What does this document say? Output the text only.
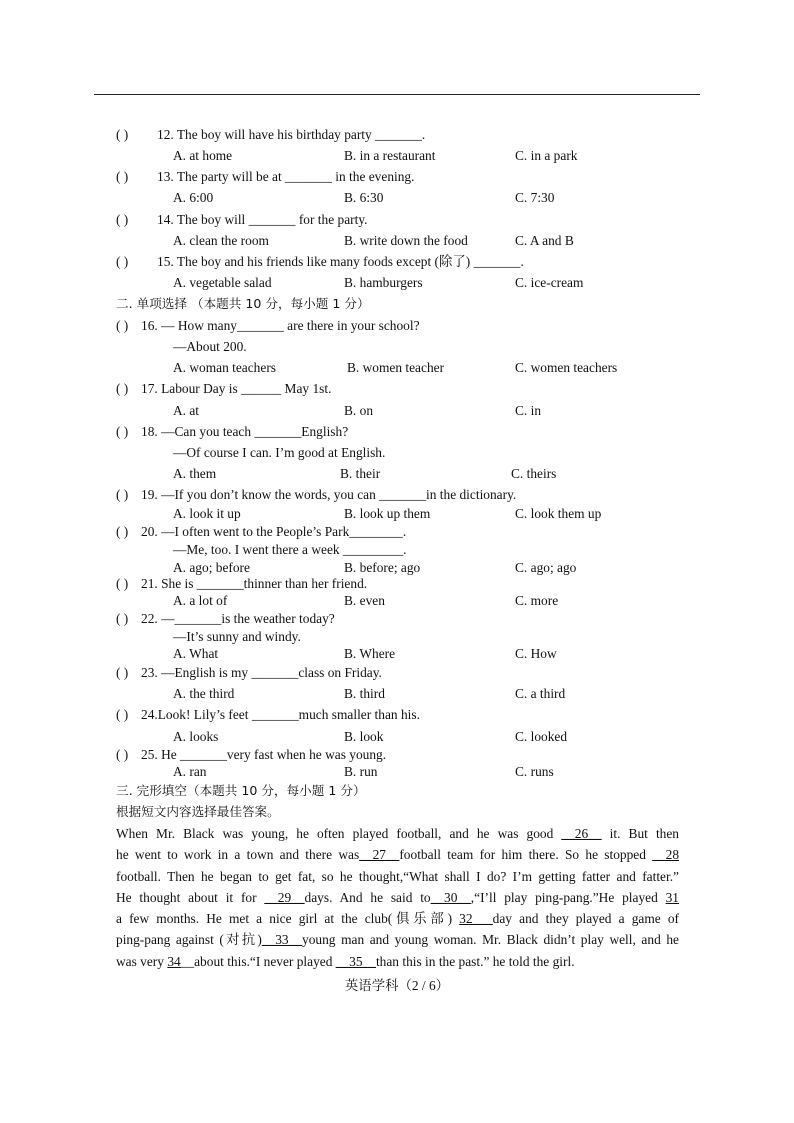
( ) 12. The boy will have his birthday party _______.
A. at home	B. in a restaurant	C. in a park
( ) 13. The party will be at _______ in the evening.
A. 6:00	B. 6:30	C. 7:30
( ) 14. The boy will _______ for the party.
A. clean the room	B. write down the food	C. A and B
( ) 15. The boy and his friends like many foods except (除了) _______.
A. vegetable salad	B. hamburgers	C. ice-cream
( ) 16. — How many_______ are there in your school?
—About 200.
A. woman teachers	B. women teacher	C. women teachers
( ) 17. Labour Day is ______ May 1st.
A. at	B. on	C. in
( ) 18. —Can you teach _______English?
—Of course I can. I’m good at English.
A. them	B. their	C. theirs
( ) 19. —If you don’t know the words, you can _______in the dictionary.
A. look it up	B. look up them	C. look them up
( ) 20. —I often went to the People’s Park________.
—Me, too. I went there a week _________.
A. ago; before	B. before; ago	C. ago; ago
( ) 21. She is _______thinner than her friend.
A. a lot of	B. even	C. more
( ) 22. —_______is the weather today?
—It’s sunny and windy.
A. What	B. Where	C. How
( ) 23. —English is my _______class on Friday.
A. the third	B. third	C. a third
( ) 24.Look! Lily’s feet _______much smaller than his.
A. looks	B. look	C. looked
( ) 25. He _______very fast when he was young.
A. ran	B. run	C. runs
二. 单项选择 （本题共 10 分，每小题 1 分）
三. 完形填空（本题共 10 分，每小题 1 分）
根据短文内容选择最佳答案。
When Mr. Black was young, he often played football, and he was good __26__ it. But then
he went to work in a town and there was__27__football team for him there. So he stopped __28
football. Then he began to get fat, so he thought,“What shall I do? I’m getting fatter and fatter.”
He thought about it for __29__days. And he said to__30__,“I’ll play ping-pang.”He played 31
a few months. He met a nice girl at the club(俱乐部) 32___day and they played a game of
ping-pang against (对抗)__33__young man and young woman. Mr. Black didn’t play well, and he
was very 34__about this.“I never played __35__than this in the past.” he told the girl.
英语学科（2 / 6）
